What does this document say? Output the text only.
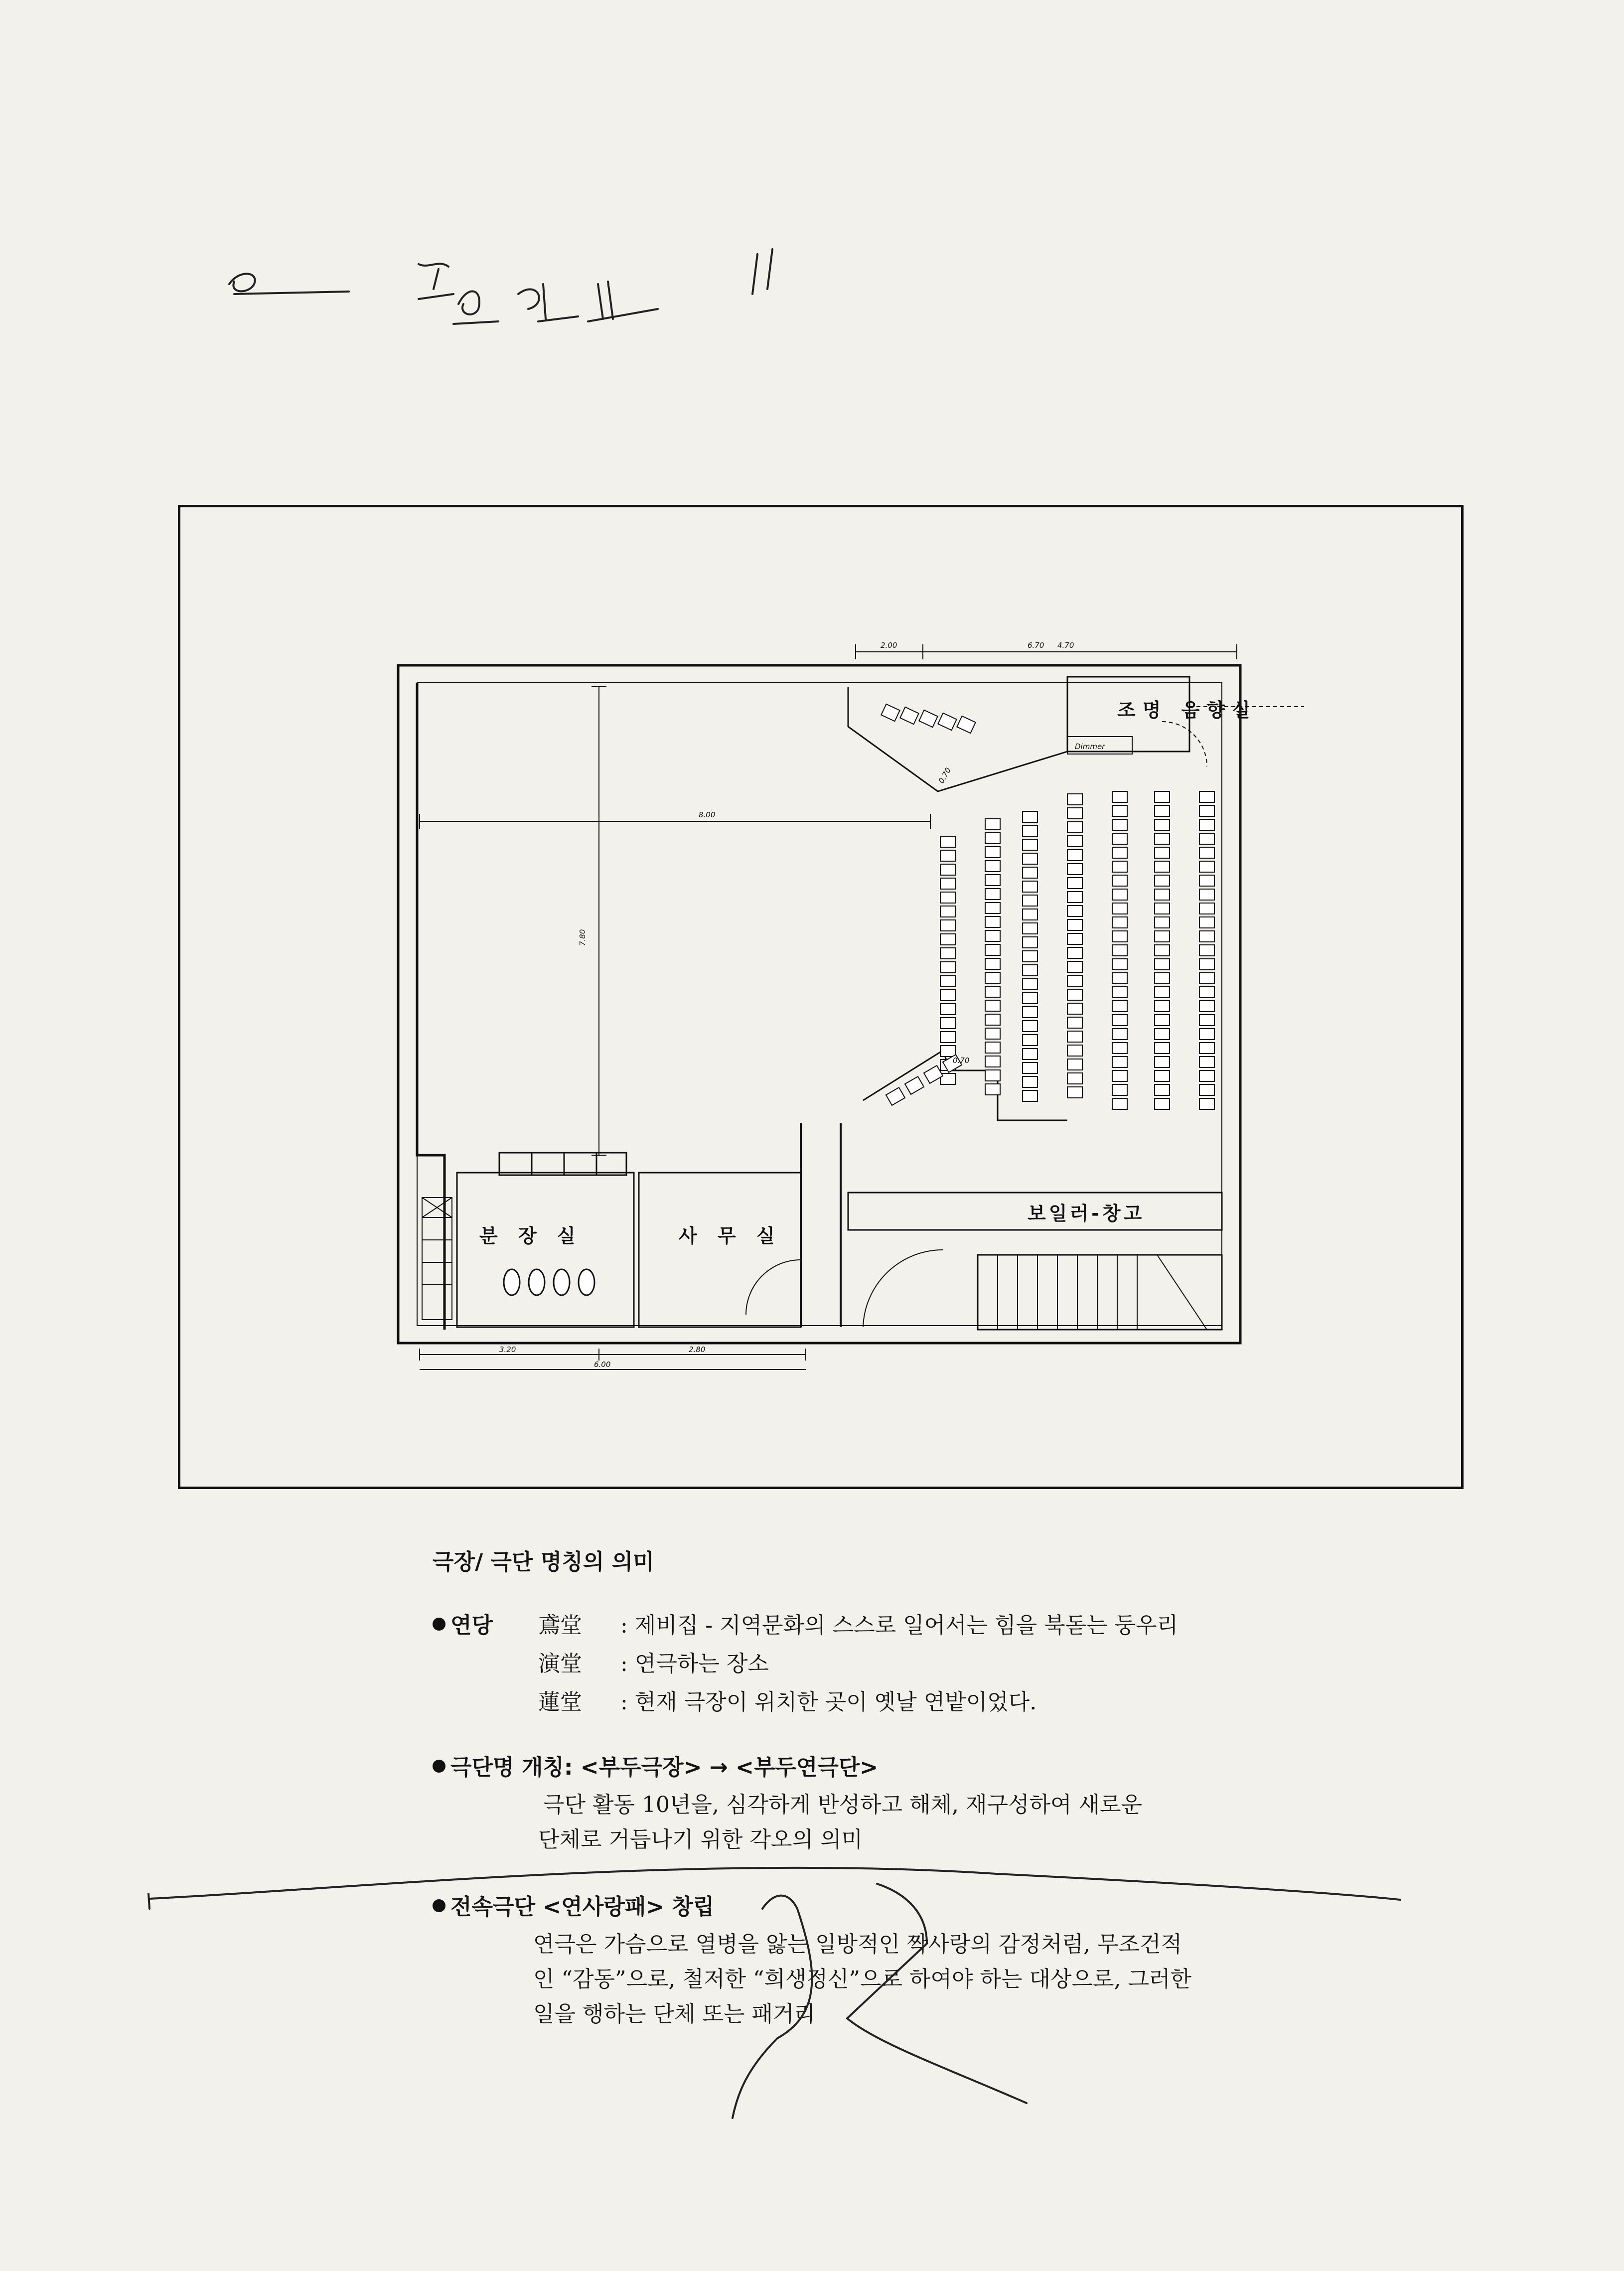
조명 음향실
Dimmer
분 장 실	사 무 실
보일러-창고
6.70
2.00	4.70
8.00
7.80
3.20	2.80
6.00
0.70
0.70
극장/ 극단 명칭의 의미
연당 鳶堂 : 제비집 - 지역문화의 스스로 일어서는 힘을 북돋는 둥우리
演堂 : 연극하는 장소
蓮堂 : 현재 극장이 위치한 곳이 옛날 연밭이었다.
극단명 개칭: <부두극장> → <부두연극단>
극단 활동 10년을, 심각하게 반성하고 해체, 재구성하여 새로운
단체로 거듭나기 위한 각오의 의미
전속극단 <연사랑패> 창립
연극은 가슴으로 열병을 앓는 일방적인 짝사랑의 감정처럼, 무조건적
인 “감동”으로, 철저한 “희생정신”으로 하여야 하는 대상으로, 그러한
일을 행하는 단체 또는 패거리
